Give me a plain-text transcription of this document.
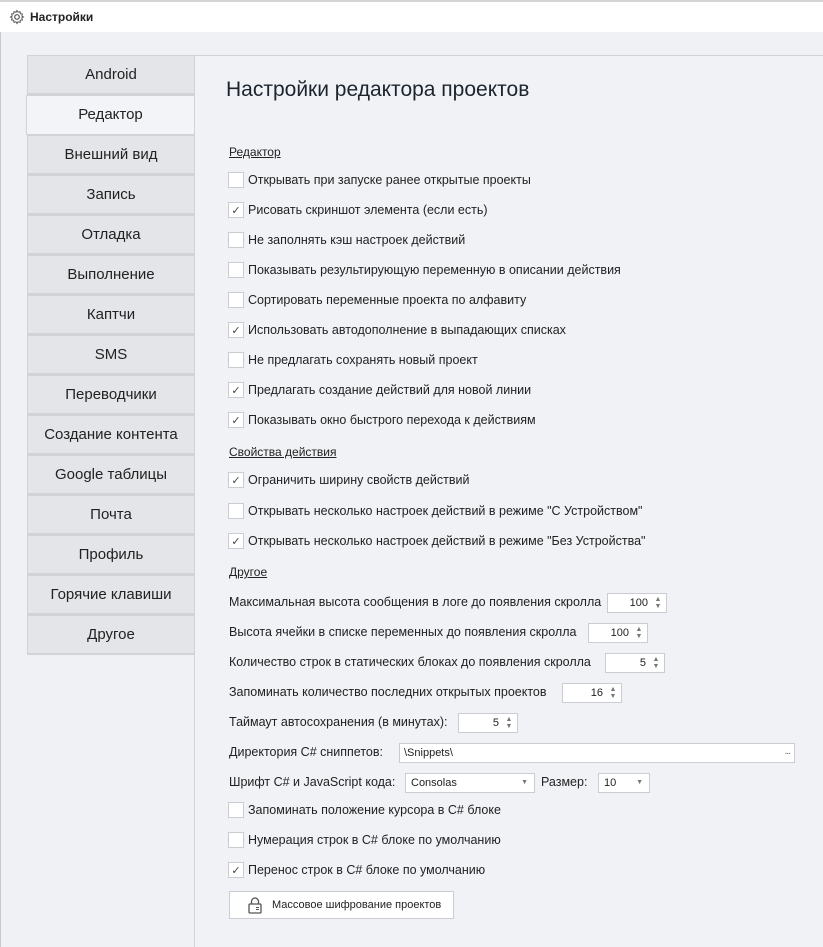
Настройки
Android
Редактор
Внешний вид
Запись
Отладка
Выполнение
Каптчи
SMS
Переводчики
Создание контента
Google таблицы
Почта
Профиль
Горячие клавиши
Другое
Настройки редактора проектов
Редактор
Открывать при запуске ранее открытые проекты
✓ Рисовать скриншот элемента (если есть)
Не заполнять кэш настроек действий
Показывать результирующую переменную в описании действия
Сортировать переменные проекта по алфавиту
✓ Использовать автодополнение в выпадающих списках
Не предлагать сохранять новый проект
✓ Предлагать создание действий для новой линии
✓ Показывать окно быстрого перехода к действиям
Свойства действия
✓ Ограничить ширину свойств действий
Открывать несколько настроек действий в режиме "С Устройством"
✓ Открывать несколько настроек действий в режиме "Без Устройства"
Другое
Максимальная высота сообщения в логе до появления скролла	100 ▲
▼
Высота ячейки в списке переменных до появления скролла	100 ▲
▼
Количество строк в статических блоках до появления скролла	5 ▲
▼
Запоминать количество последних открытых проектов	16 ▲
▼
Таймаут автосохранения (в минутах):	5 ▲
▼
Директория C# сниппетов: \Snippets\	...
Шрифт C# и JavaScript кода: Consolas	▼ Размер: 10	▼
Запоминать положение курсора в C# блоке
Нумерация строк в C# блоке по умолчанию
✓ Перенос строк в C# блоке по умолчанию
Массовое шифрование проектов
